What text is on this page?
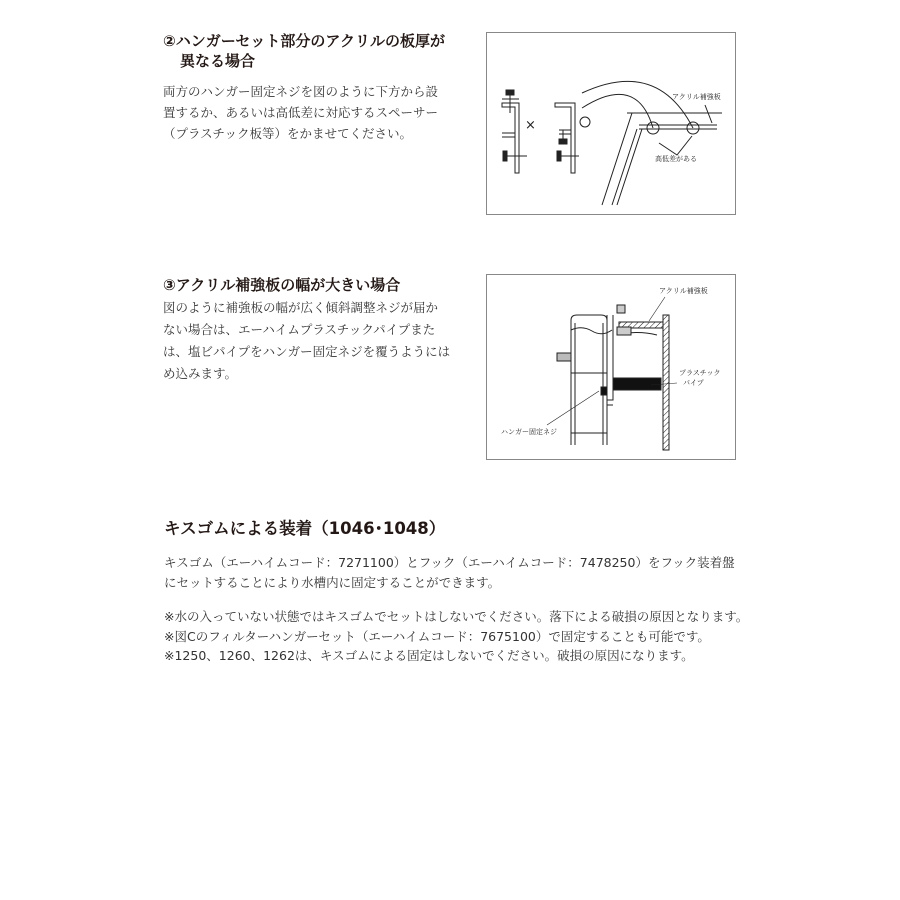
②ハンガーセット部分のアクリルの板厚が
異なる場合
両方のハンガー固定ネジを図のように下方から設
置するか、あるいは高低差に対応するスペーサー
（プラスチック板等）をかませてください。
×
アクリル補強板
高低差がある
③アクリル補強板の幅が大きい場合
図のように補強板の幅が広く傾斜調整ネジが届か
ない場合は、エーハイムプラスチックパイプまた
は、塩ビパイプをハンガー固定ネジを覆うようには
め込みます。
アクリル補強板
プラスチック
パイプ
ハンガー固定ネジ
キスゴムによる装着（1046･1048）
キスゴム（エーハイムコード：7271100）とフック（エーハイムコード：7478250）をフック装着盤
にセットすることにより水槽内に固定することができます。
※水の入っていない状態ではキスゴムでセットはしないでください。落下による破損の原因となります。
※図Cのフィルターハンガーセット（エーハイムコード：7675100）で固定することも可能です。
※1250、1260、1262は、キスゴムによる固定はしないでください。破損の原因になります。
